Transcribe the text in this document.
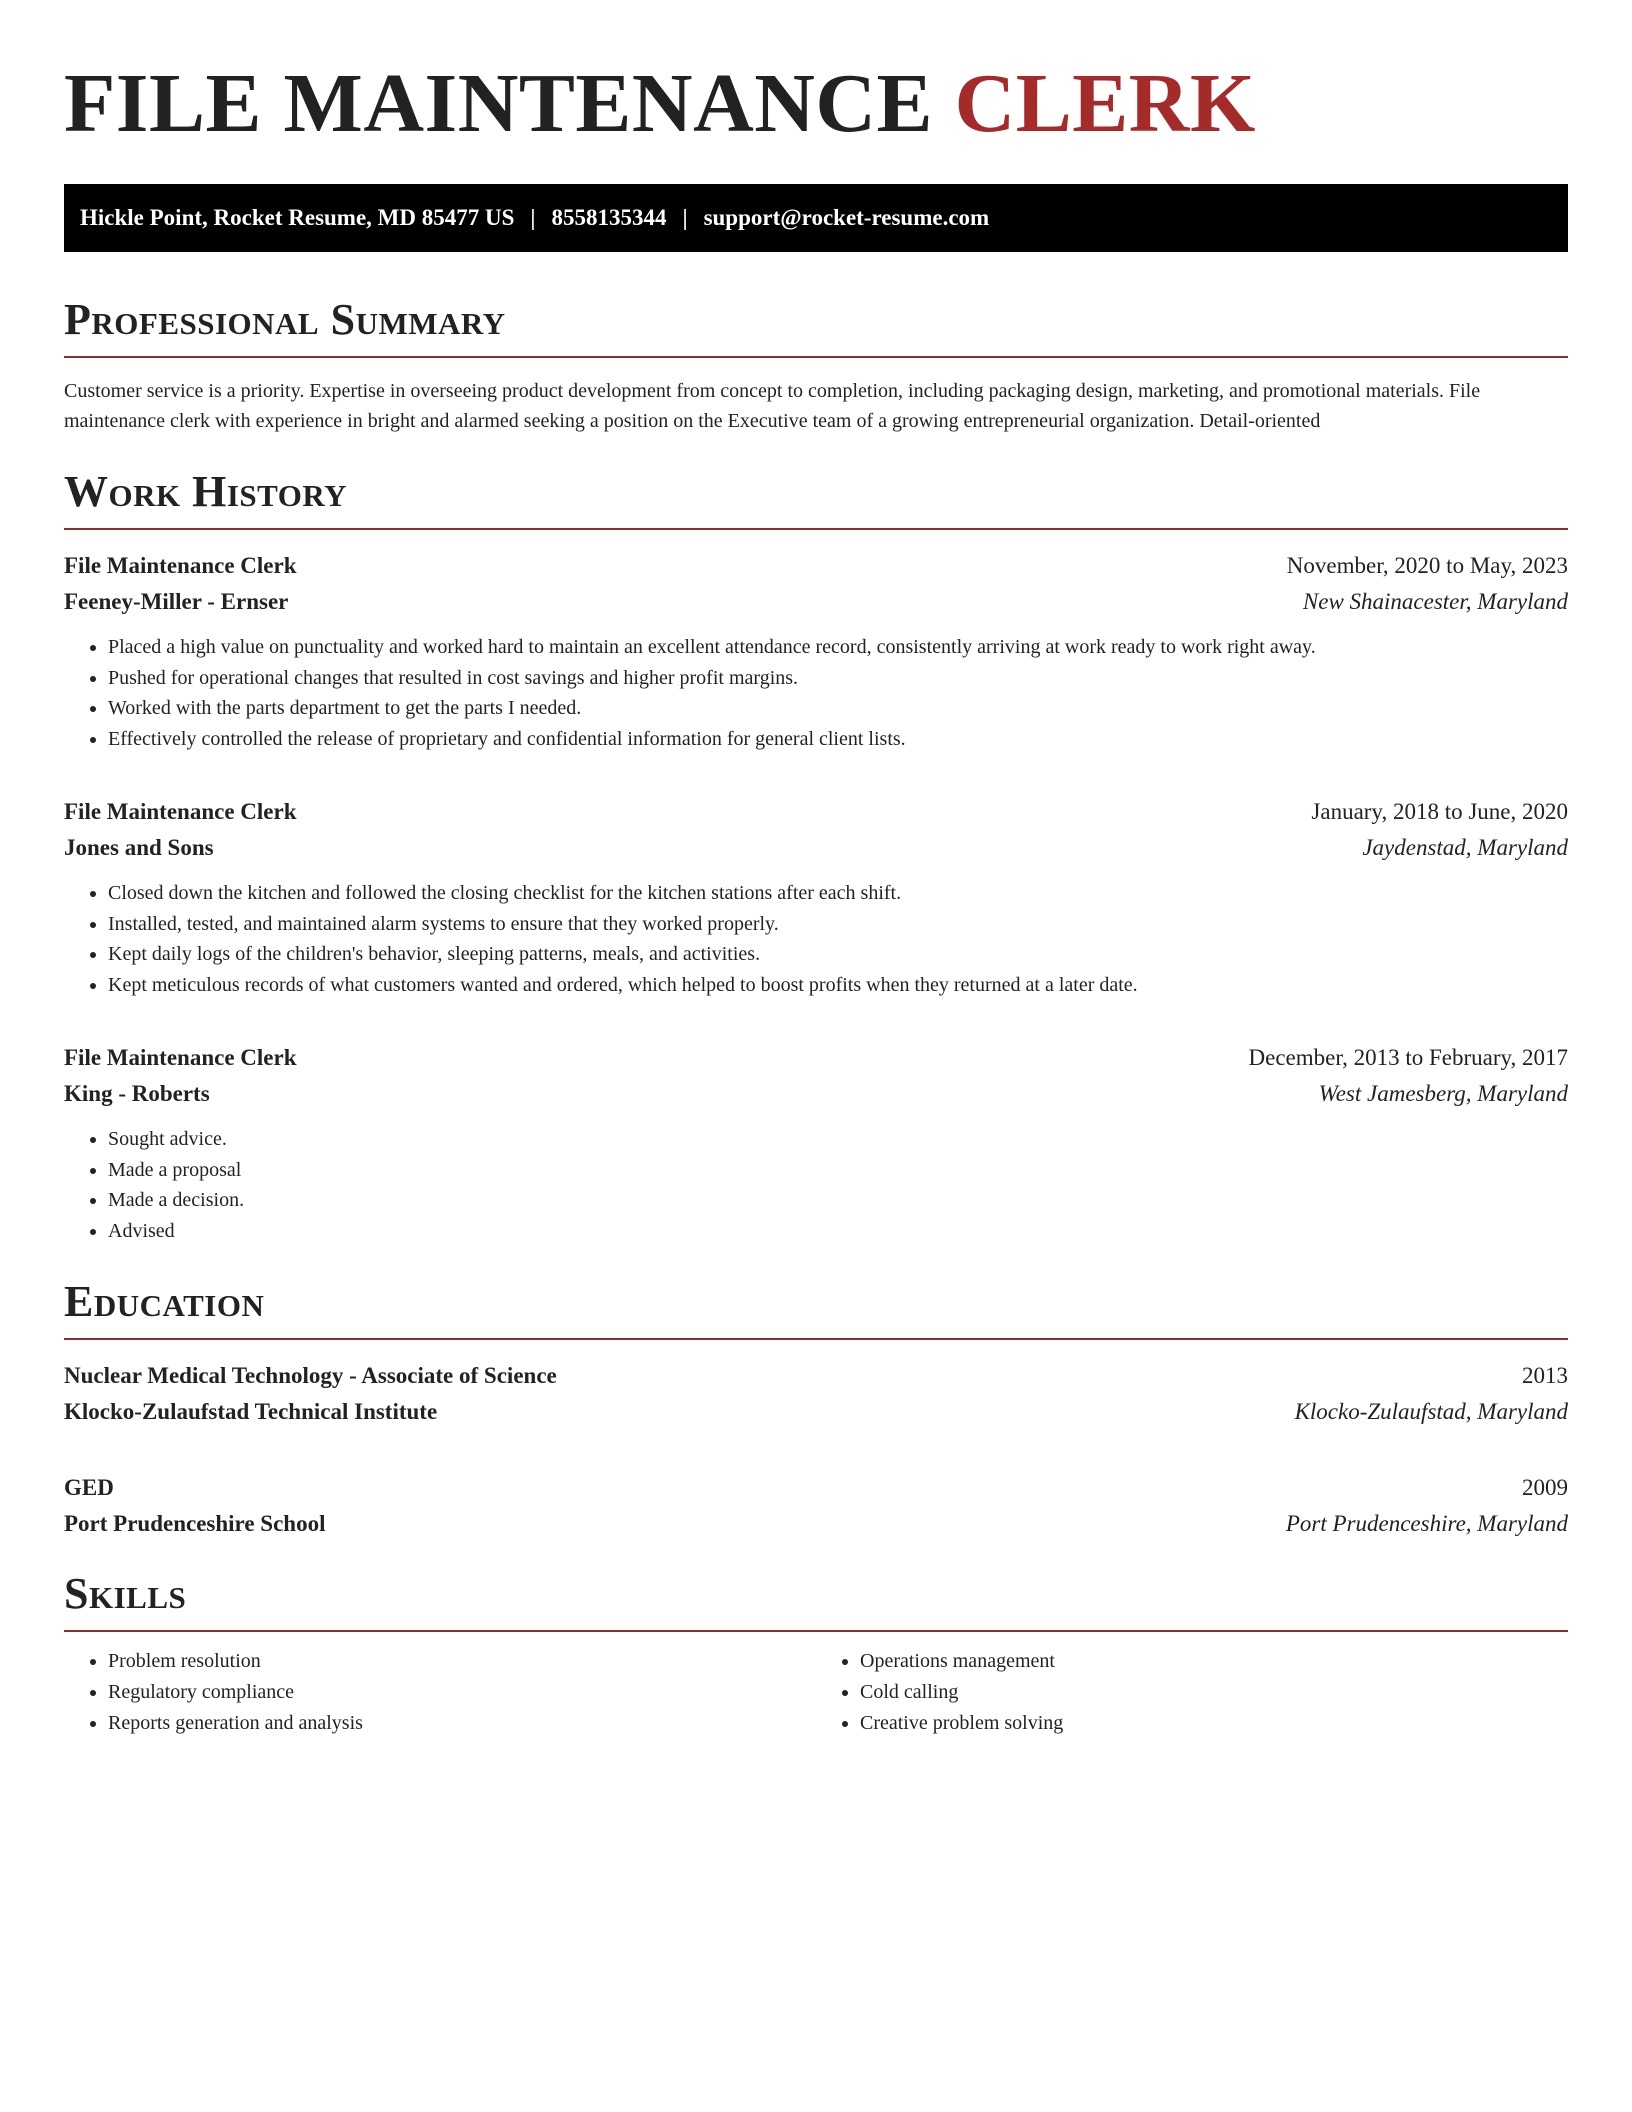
FILE MAINTENANCE CLERK
Hickle Point, Rocket Resume, MD 85477 US | 8558135344 | support@rocket-resume.com
Professional Summary

Customer service is a priority. Expertise in overseeing product development from concept to completion, including packaging design, marketing, and promotional materials. File maintenance clerk with experience in bright and alarmed seeking a position on the Executive team of a growing entrepreneurial organization. Detail-oriented

Work History
File Maintenance Clerk	November, 2020 to May, 2023
Feeney-Miller - Ernser	New Shainacester, Maryland
• Placed a high value on punctuality and worked hard to maintain an excellent attendance record, consistently arriving at work ready to work right away.
• Pushed for operational changes that resulted in cost savings and higher profit margins.
• Worked with the parts department to get the parts I needed.
• Effectively controlled the release of proprietary and confidential information for general client lists.
File Maintenance Clerk	January, 2018 to June, 2020
Jones and Sons	Jaydenstad, Maryland
• Closed down the kitchen and followed the closing checklist for the kitchen stations after each shift.
• Installed, tested, and maintained alarm systems to ensure that they worked properly.
• Kept daily logs of the children's behavior, sleeping patterns, meals, and activities.
• Kept meticulous records of what customers wanted and ordered, which helped to boost profits when they returned at a later date.
File Maintenance Clerk	December, 2013 to February, 2017
King - Roberts	West Jamesberg, Maryland
• Sought advice.
• Made a proposal
• Made a decision.
• Advised
Education
Nuclear Medical Technology - Associate of Science	2013
Klocko-Zulaufstad Technical Institute	Klocko-Zulaufstad, Maryland
GED	2009
Port Prudenceshire School	Port Prudenceshire, Maryland
Skills
• Problem resolution
• Regulatory compliance
• Reports generation and analysis
• Operations management
• Cold calling
• Creative problem solving
